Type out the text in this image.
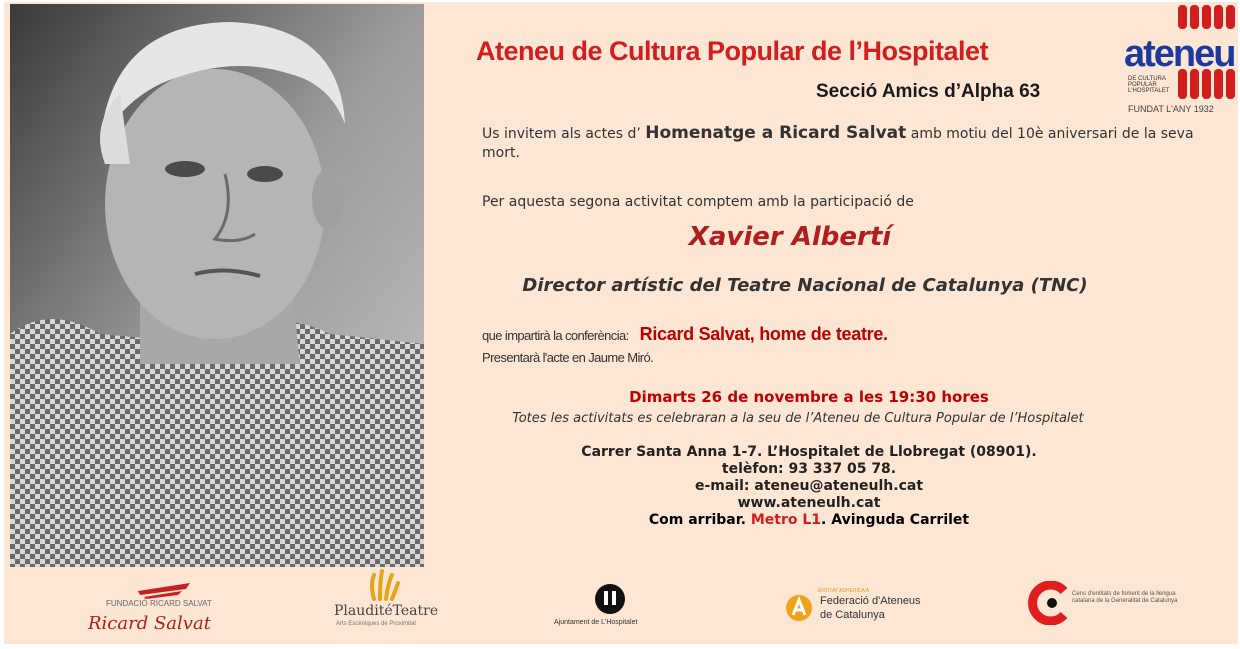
Ateneu de Cultura Popular de l’Hospitalet
Secció Amics d’Alpha 63
ateneu
DE CULTURA POPULAR L'HOSPITALET
FUNDAT L'ANY 1932
Us invitem als actes d’ Homenatge a Ricard Salvat amb motiu del 10è aniversari de la seva mort.
Per aquesta segona activitat comptem amb la participació de
Xavier Albertí
Director artístic del Teatre Nacional de Catalunya (TNC)
que impartirà la conferència: Ricard Salvat, home de teatre.
Presentarà l'acte en Jaume Miró.
Dimarts 26 de novembre a les 19:30 hores
Totes les activitats es celebraran a la seu de l’Ateneu de Cultura Popular de l’Hospitalet
Carrer Santa Anna 1-7. L’Hospitalet de Llobregat (08901).
telèfon: 93 337 05 78.
e-mail: ateneu@ateneulh.cat
www.ateneulh.cat
Com arribar. Metro L1. Avinguda Carrilet
FUNDACIÓ RICARD SALVAT
Ricard Salvat
PlauditéTeatre
Arts Escèniques de Proximitat	Ajuntament de L'Hospitalet
ENTITAT ADHERIDA A
Federació d'Ateneus de Catalunya
Cens d'entitats de foment de la llengua catalana de la Generalitat de Catalunya
